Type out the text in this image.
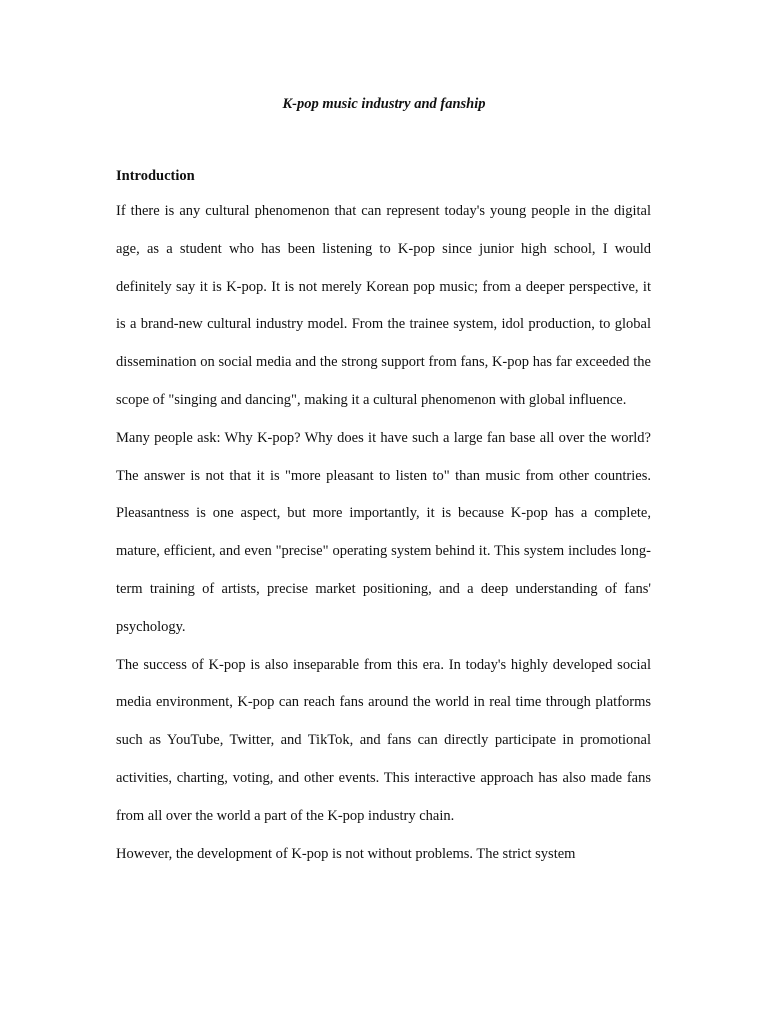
K-pop music industry and fanship

Introduction

If there is any cultural phenomenon that can represent today's young people in the digital age, as a student who has been listening to K-pop since junior high school, I would definitely say it is K-pop. It is not merely Korean pop music; from a deeper perspective, it is a brand-new cultural industry model. From the trainee system, idol production, to global dissemination on social media and the strong support from fans, K-pop has far exceeded the scope of "singing and dancing", making it a cultural phenomenon with global influence.

Many people ask: Why K-pop? Why does it have such a large fan base all over the world? The answer is not that it is "more pleasant to listen to" than music from other countries. Pleasantness is one aspect, but more importantly, it is because K-pop has a complete, mature, efficient, and even "precise" operating system behind it. This system includes long-term training of artists, precise market positioning, and a deep understanding of fans' psychology.

The success of K-pop is also inseparable from this era. In today's highly developed social media environment, K-pop can reach fans around the world in real time through platforms such as YouTube, Twitter, and TikTok, and fans can directly participate in promotional activities, charting, voting, and other events. This interactive approach has also made fans from all over the world a part of the K-pop industry chain.

However, the development of K-pop is not without problems. The strict system
